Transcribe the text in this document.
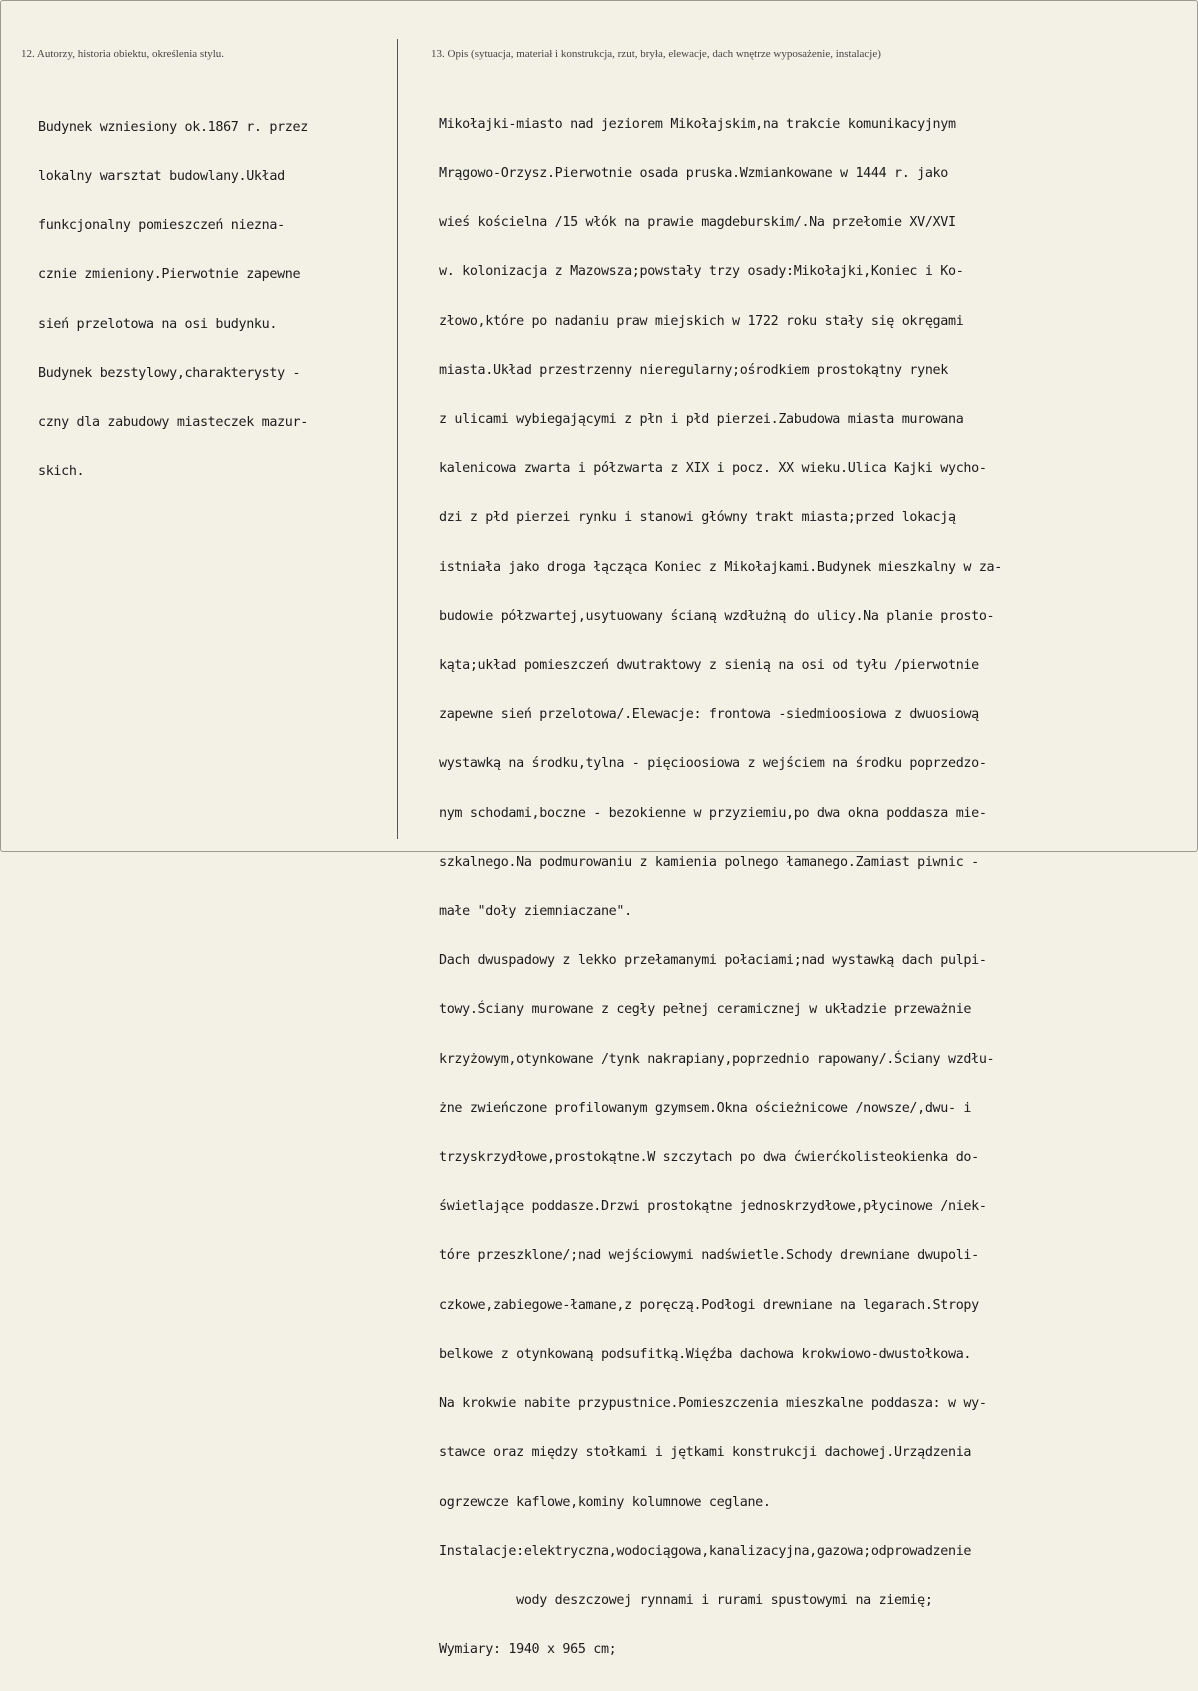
12. Autorzy, historia obiektu, określenia stylu.	13. Opis (sytuacja, materiał i konstrukcja, rzut, bryła, elewacje, dach wnętrze wyposażenie, instalacje)

Budynek wzniesiony ok.1867 r. przez

lokalny warsztat budowlany.Układ

funkcjonalny pomieszczeń niezna-

cznie zmieniony.Pierwotnie zapewne

sień przelotowa na osi budynku.

Budynek bezstylowy,charakterysty -

czny dla zabudowy miasteczek mazur-

skich.

Mikołajki-miasto nad jeziorem Mikołajskim,na trakcie komunikacyjnym

Mrągowo-Orzysz.Pierwotnie osada pruska.Wzmiankowane w 1444 r. jako

wieś kościelna /15 włók na prawie magdeburskim/.Na przełomie XV/XVI

w. kolonizacja z Mazowsza;powstały trzy osady:Mikołajki,Koniec i Ko-

złowo,które po nadaniu praw miejskich w 1722 roku stały się okręgami

miasta.Układ przestrzenny nieregularny;ośrodkiem prostokątny rynek

z ulicami wybiegającymi z płn i płd pierzei.Zabudowa miasta murowana

kalenicowa zwarta i półzwarta z XIX i pocz. XX wieku.Ulica Kajki wycho-

dzi z płd pierzei rynku i stanowi główny trakt miasta;przed lokacją

istniała jako droga łącząca Koniec z Mikołajkami.Budynek mieszkalny w za-

budowie półzwartej,usytuowany ścianą wzdłużną do ulicy.Na planie prosto-

kąta;układ pomieszczeń dwutraktowy z sienią na osi od tyłu /pierwotnie

zapewne sień przelotowa/.Elewacje: frontowa -siedmioosiowa z dwuosiową

wystawką na środku,tylna - pięcioosiowa z wejściem na środku poprzedzo-

nym schodami,boczne - bezokienne w przyziemiu,po dwa okna poddasza mie-

szkalnego.Na podmurowaniu z kamienia polnego łamanego.Zamiast piwnic -

małe "doły ziemniaczane".

Dach dwuspadowy z lekko przełamanymi połaciami;nad wystawką dach pulpi-

towy.Ściany murowane z cegły pełnej ceramicznej w układzie przeważnie

krzyżowym,otynkowane /tynk nakrapiany,poprzednio rapowany/.Ściany wzdłu-

żne zwieńczone profilowanym gzymsem.Okna ościeżnicowe /nowsze/,dwu- i

trzyskrzydłowe,prostokątne.W szczytach po dwa ćwierćkolisteokienka do-

świetlające poddasze.Drzwi prostokątne jednoskrzydłowe,płycinowe /niek-

tóre przeszklone/;nad wejściowymi nadświetle.Schody drewniane dwupoli-

czkowe,zabiegowe-łamane,z poręczą.Podłogi drewniane na legarach.Stropy

belkowe z otynkowaną podsufitką.Więźba dachowa krokwiowo-dwustołkowa.

Na krokwie nabite przypustnice.Pomieszczenia mieszkalne poddasza: w wy-

stawce oraz między stołkami i jętkami konstrukcji dachowej.Urządzenia

ogrzewcze kaflowe,kominy kolumnowe ceglane.

Instalacje:elektryczna,wodociągowa,kanalizacyjna,gazowa;odprowadzenie

wody deszczowej rynnami i rurami spustowymi na ziemię;

Wymiary: 1940 x 965 cm;
